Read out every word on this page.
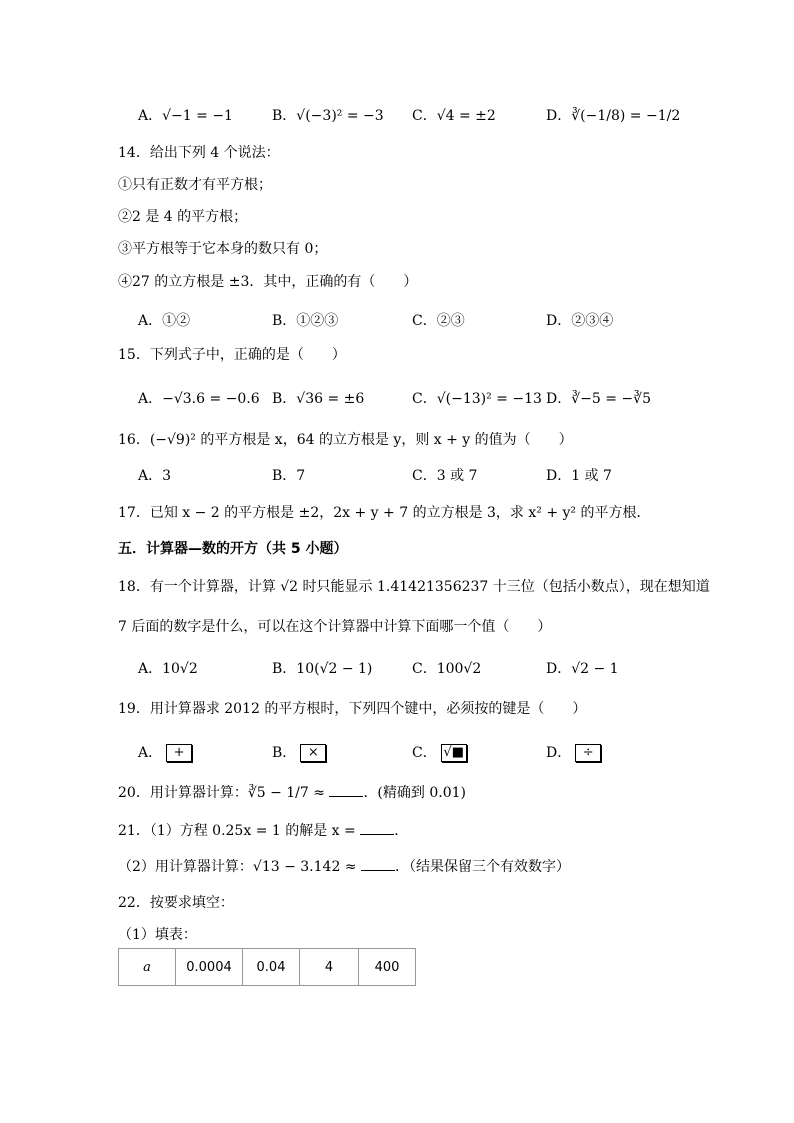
A．√−1 = −1	B．√(−3)² = −3 C．√4 = ±2	D．∛(−1/8) = −1/2
14．给出下列 4 个说法：
①只有正数才有平方根；
②2 是 4 的平方根；
③平方根等于它本身的数只有 0；
④27 的立方根是 ±3．其中，正确的有（　　）
A．①②	B．①②③	C．②③	D．②③④
15．下列式子中，正确的是（　　）
A．−√3.6 = −0.6 B．√36 = ±6	C．√(−13)² = −13 D．∛−5 = −∛5
16．(−√9)² 的平方根是 x，64 的立方根是 y，则 x + y 的值为（　　）
A．3	B．7	C．3 或 7	D．1 或 7
17．已知 x − 2 的平方根是 ±2，2x + y + 7 的立方根是 3，求 x² + y² 的平方根．
五．计算器—数的开方（共 5 小题）
18．有一个计算器，计算 √2 时只能显示 1.41421356237 十三位（包括小数点），现在想知道
7 后面的数字是什么，可以在这个计算器中计算下面哪一个值（　　）
A．10√2	B．10(√2 − 1)	C．100√2	D．√2 − 1
19．用计算器求 2012 的平方根时，下列四个键中，必须按的键是（　　）
A． +	B． ×	C． √■	D． ÷
20．用计算器计算：∛5 − 1/7 ≈ ．(精确到 0.01)
21．（1）方程 0.25x = 1 的解是 x = ．
（2）用计算器计算：√13 − 3.142 ≈ ．（结果保留三个有效数字）
22．按要求填空：
（1）填表：
a	0.0004	0.04	4	400
